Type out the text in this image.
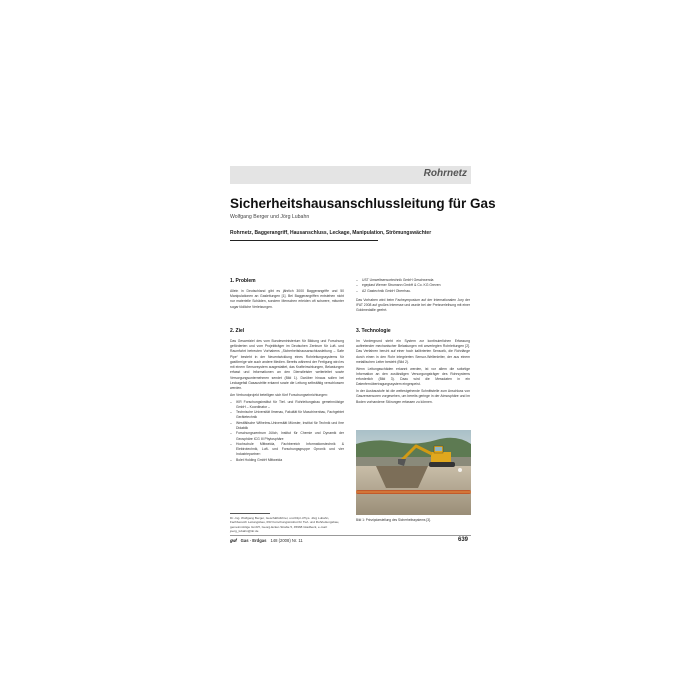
Rohrnetz
Sicherheitshausanschlussleitung für Gas
Wolfgang Berger und Jörg Lubahn
Rohrnetz, Baggerangriff, Hausanschluss, Leckage, Manipulation, Strömungswächter
1. Problem

Allein in Deutschland gibt es jährlich 3000 Baggerangriffe und 50 Manipulationen an Gasleitungen [1]. Bei Baggerangriffen entstehen nicht nur materielle Schäden, sondern Menschen erleiden oft schwere, mitunter sogar tödliche Verletzungen.

2. Ziel

Das Gesamtziel des vom Bundesministerium für Bildung und Forschung geförderten und vom Projektträger im Deutschen Zentrum für Luft- und Raumfahrt betreuten Vorhabens „Sicherheitshausanschlussleitung – Safe Pipe“ besteht in der Neuentwicklung eines Rohrleitungssystems für gasförmige wie auch andere Medien. Bereits während der Fertigung wird es mit einem Sensorsystem ausgestattet, das Krafteinwirkungen, Belastungen erfasst und Informationen an den Dienstleister weiterleitet sowie Versorgungsunternehmen sendet (Bild 1). Darüber hinaus sollen bei Leckagefall Gasaustritte erkannt sowie die Leitung selbsttätig verschlossen werden.

Am Verbundprojekt beteiligen sich fünf Forschungseinrichtungen:

– IKR Forschungsinstitut für Tief- und Rohrleitungsbau gemeinnützige GmbH – Koordinator –
– Technische Universität Ilmenau, Fakultät für Maschinenbau, Fachgebiet Gerätetechnik
– Westfälische Wilhelms-Universität Münster, Institut für Technik und ihre Didaktik
– Forschungszentrum Jülich, Institut für Chemie und Dynamik der Geosphäre ICG III Phytosphäre
– Hochschule Mittweida, Fachbereich Informationstechnik & Elektrotechnik, Luft- und Forschungsgruppe Opronik und vier Industriepartner:
– Bolet Holding GmbH Mittweida
– UST Umweltsensortechnik GmbH Geschwenda
– egeplast Werner Strumann GmbH & Co. KG Greven
– A2 Gastechnik GmbH Oberrhau.

Das Vorhaben wird beim Fachsymposium auf der Internationalen Jury der IFAT 2008 auf großes Interesse und wurde bei der Preisverleihung mit einer Goldmedaille geehrt.

3. Technologie

Im Vordergrund steht ein System zur kontinuierlichen Erfassung auftretender mechanischer Belastungen mit anverlegten Rohrleitungen [2]. Das Verfahren beruht auf einer hoch kalibrierten Sensorik, die Rohrlänge durch einen in den Rohr integrierten Sensor-Wellenleiter, der aus einem metallischen Leiter besteht (Bild 2).

Wenn Leitungsschäden erkannt werden, ist vor allem die sofortige Information an den zuständigen Versorgungsträger des Rohrsystems erforderlich (Bild 3). Dazu wird die Messdaten in ein Datenfernübertragungssystem eingespeist.

In der Ausbaustufe ist die weitestgehende Schnittstelle zum Anschluss von Gaszersensoren vorgesehen, um bereits geringe in der Atmosphäre und im Boden vorhandene Störungen erfassen zu können.

Bild 1: Prinzipdarstellung des Sicherheitssystems [3].
Dr.-Ing. Wolfgang Berger, Geschäftsführer, und Dipl.-Phys. Jörg Lubahn, Fachbereich Leitungsbau, IKR Forschungsinstitut für Tief- und Rohrleitungsbau, gemeinnützige GmbH, Georg-Ecker-Straße 5, 45968 Gladbeck, e-mail: joerg_lubahn@ikr.de
gwf Gas · Erdgas 148 (2008) Nr. 11	639
